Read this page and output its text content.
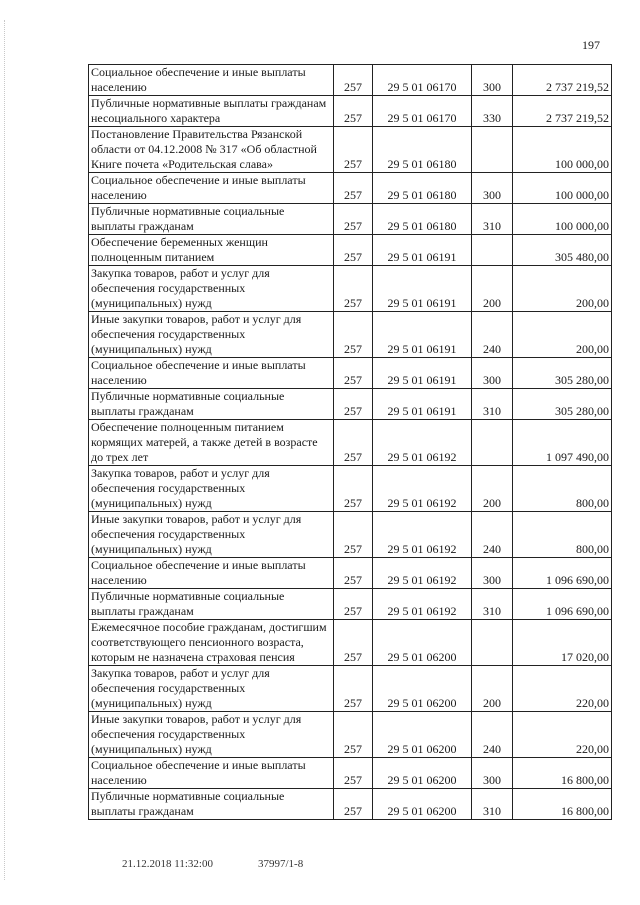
197
Социальное обеспечение и иные выплаты населению	257	29 5 01 06170	300	2 737 219,52
Публичные нормативные выплаты гражданам несоциального характера	257	29 5 01 06170	330	2 737 219,52
Постановление Правительства Рязанской области от 04.12.2008 № 317 «Об областной Книге почета «Родительская слава»	257	29 5 01 06180		100 000,00
Социальное обеспечение и иные выплаты населению	257	29 5 01 06180	300	100 000,00
Публичные нормативные социальные выплаты гражданам	257	29 5 01 06180	310	100 000,00
Обеспечение беременных женщин полноценным питанием	257	29 5 01 06191		305 480,00
Закупка товаров, работ и услуг для обеспечения государственных (муниципальных) нужд	257	29 5 01 06191	200	200,00
Иные закупки товаров, работ и услуг для обеспечения государственных (муниципальных) нужд	257	29 5 01 06191	240	200,00
Социальное обеспечение и иные выплаты населению	257	29 5 01 06191	300	305 280,00
Публичные нормативные социальные выплаты гражданам	257	29 5 01 06191	310	305 280,00
Обеспечение полноценным питанием кормящих матерей, а также детей в возрасте до трех лет	257	29 5 01 06192		1 097 490,00
Закупка товаров, работ и услуг для обеспечения государственных (муниципальных) нужд	257	29 5 01 06192	200	800,00
Иные закупки товаров, работ и услуг для обеспечения государственных (муниципальных) нужд	257	29 5 01 06192	240	800,00
Социальное обеспечение и иные выплаты населению	257	29 5 01 06192	300	1 096 690,00
Публичные нормативные социальные выплаты гражданам	257	29 5 01 06192	310	1 096 690,00
Ежемесячное пособие гражданам, достигшим соответствующего пенсионного возраста, которым не назначена страховая пенсия	257	29 5 01 06200		17 020,00
Закупка товаров, работ и услуг для обеспечения государственных (муниципальных) нужд	257	29 5 01 06200	200	220,00
Иные закупки товаров, работ и услуг для обеспечения государственных (муниципальных) нужд	257	29 5 01 06200	240	220,00
Социальное обеспечение и иные выплаты населению	257	29 5 01 06200	300	16 800,00
Публичные нормативные социальные выплаты гражданам	257	29 5 01 06200	310	16 800,00
21.12.2018 11:32:00	37997/1-8
